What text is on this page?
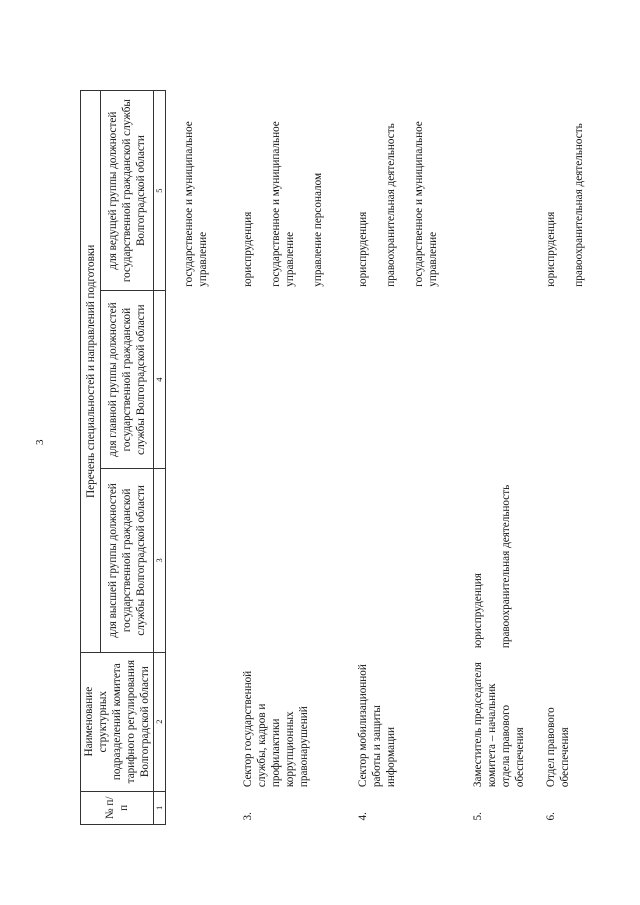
3
№ п/п	Наименование структурных подразделений комитета тарифного регулирования Волгоградской области	Перечень специальностей и направлений подготовки		
		для высшей группы должностей государственной гражданской службы Волгоградской области	для главной группы должностей государственной гражданской службы Волгоградской области	для ведущей группы должностей государственной гражданской службы Волгоградской области
1	2	3	4	5

				государственное и муниципальное управление

3.	Сектор государственной службы, кадров и профилактики коррупционных правонарушений			юриспруденция государственное и муниципальное управление управление персоналом

4.	Сектор мобилизационной работы и защиты информации			юриспруденция правоохранительная деятельность государственное и муниципальное управление

5.	Заместитель председателя комитета – начальник отдела правового обеспечения	юриспруденция правоохранительная деятельность		

6.	Отдел правового обеспечения			юриспруденция правоохранительная деятельность
